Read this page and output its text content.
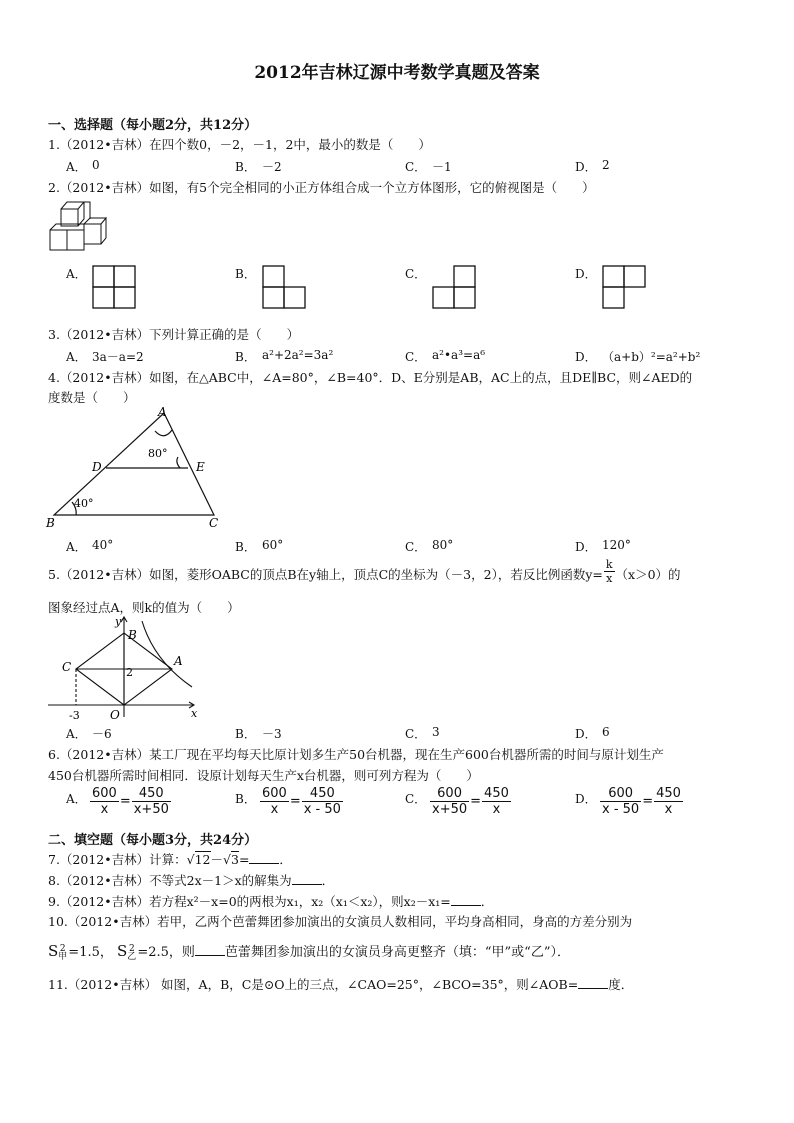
2012年吉林辽源中考数学真题及答案
一、选择题（每小题2分，共12分）
1.（2012•吉林）在四个数0，－2，－1，2中，最小的数是（　　）
A． 0	B． －2	C． －1	D． 2
2.（2012•吉林）如图，有5个完全相同的小正方体组合成一个立方体图形，它的俯视图是（　　）
A．	B．	C．	D．
3.（2012•吉林）下列计算正确的是（　　）
A． 3a－a=2	B． a²+2a²=3a²	C． a²•a³=a⁶	D． （a+b）²=a²+b²
4.（2012•吉林）如图，在△ABC中，∠A=80°，∠B=40°．D、E分别是AB，AC上的点，且DE∥BC，则∠AED的
度数是（　　）
A
B	C
D	E
80°
40°
A． 40°	B． 60°	C． 80°	D． 120°
5.（2012•吉林）如图，菱形OABC的顶点B在y轴上，顶点C的坐标为（－3，2），若反比例函数$y= \frac{k}{x} (x>0)$的
图象经过点A，则k的值为（　　）
y
x
B
C	A
O
2
-3
A． －6	B． －3	C． 3	D． 6
6.（2012•吉林）某工厂现在平均每天比原计划多生产50台机器，现在生产600台机器所需的时间与原计划生产
450台机器所需时间相同．设原计划每天生产x台机器，则可列方程为（　　）
A． $\frac{600}{x} = \frac{450}{x+50}$	B． $\frac{600}{x} = \frac{450}{x - 50}$	C． $\frac{600}{x+50} = \frac{450}{x}$	D． $\frac{600}{x - 50} = \frac{450}{x}$
二、填空题（每小题3分，共24分）
7.（2012•吉林）计算：√12－√3= ．
8.（2012•吉林）不等式2x－1＞x的解集为 ．
9.（2012•吉林）若方程x²－x=0的两根为x₁，x₂（x₁＜x₂），则x₂－x₁= ．
10.（2012•吉林）若甲，乙两个芭蕾舞团参加演出的女演员人数相同，平均身高相同，身高的方差分别为
S 2
甲 =1.5， S 2
乙 =2.5，则 芭蕾舞团参加演出的女演员身高更整齐（填：“甲”或“乙”）．
11.（2012•吉林） 如图，A，B，C是⊙O上的三点，∠CAO=25°，∠BCO=35°，则∠AOB= 度．
